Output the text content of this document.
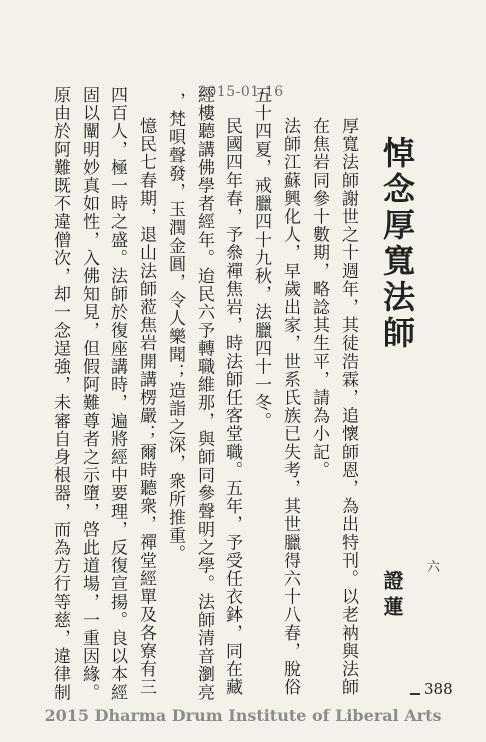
2015-01-16
悼念厚寬法師
證蓮
六
厚寬法師謝世之十週年，其徒浩霖，追懷師恩，為出特刊。以老衲與法師
在焦岩同參十數期，略諗其生平，請為小記。
法師江蘇興化人，早歲出家，世系氏族已失考，其世臘得六十八春，脫俗
五十四夏，戒臘四十九秋，法臘四十一冬。
民國四年春，予叅禪焦岩，時法師任客堂職。五年，予受任衣鉢，同在藏
經樓聽講佛學者經年。迨民六予轉職維那，與師同參聲明之學。法師清音瀏亮
，梵唄聲發，玉潤金圓，令人樂聞；造詣之深，衆所推重。
憶民七春期，退山法師蒞焦岩開講楞嚴；爾時聽衆，禪堂經單及各寮有三
四百人，極一時之盛。法師於復座講時，遍將經中要理，反復宣揚。良以本經
固以闡明妙真如性，入佛知見，但假阿難尊者之示墮，啓此道場，一重因緣。
原由於阿難既不違僧次，却一念逞強，未審自身根器，而為方行等慈，違律制	388
2015 Dharma Drum Institute of Liberal Arts
